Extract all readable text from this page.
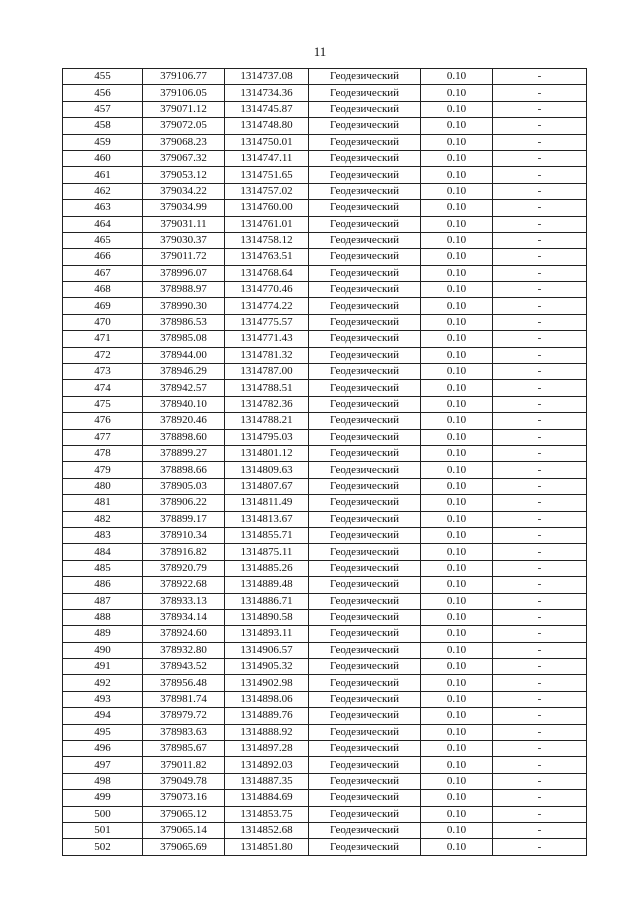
11
455	379106.77	1314737.08	Геодезический	0.10	-
456	379106.05	1314734.36	Геодезический	0.10	-
457	379071.12	1314745.87	Геодезический	0.10	-
458	379072.05	1314748.80	Геодезический	0.10	-
459	379068.23	1314750.01	Геодезический	0.10	-
460	379067.32	1314747.11	Геодезический	0.10	-
461	379053.12	1314751.65	Геодезический	0.10	-
462	379034.22	1314757.02	Геодезический	0.10	-
463	379034.99	1314760.00	Геодезический	0.10	-
464	379031.11	1314761.01	Геодезический	0.10	-
465	379030.37	1314758.12	Геодезический	0.10	-
466	379011.72	1314763.51	Геодезический	0.10	-
467	378996.07	1314768.64	Геодезический	0.10	-
468	378988.97	1314770.46	Геодезический	0.10	-
469	378990.30	1314774.22	Геодезический	0.10	-
470	378986.53	1314775.57	Геодезический	0.10	-
471	378985.08	1314771.43	Геодезический	0.10	-
472	378944.00	1314781.32	Геодезический	0.10	-
473	378946.29	1314787.00	Геодезический	0.10	-
474	378942.57	1314788.51	Геодезический	0.10	-
475	378940.10	1314782.36	Геодезический	0.10	-
476	378920.46	1314788.21	Геодезический	0.10	-
477	378898.60	1314795.03	Геодезический	0.10	-
478	378899.27	1314801.12	Геодезический	0.10	-
479	378898.66	1314809.63	Геодезический	0.10	-
480	378905.03	1314807.67	Геодезический	0.10	-
481	378906.22	1314811.49	Геодезический	0.10	-
482	378899.17	1314813.67	Геодезический	0.10	-
483	378910.34	1314855.71	Геодезический	0.10	-
484	378916.82	1314875.11	Геодезический	0.10	-
485	378920.79	1314885.26	Геодезический	0.10	-
486	378922.68	1314889.48	Геодезический	0.10	-
487	378933.13	1314886.71	Геодезический	0.10	-
488	378934.14	1314890.58	Геодезический	0.10	-
489	378924.60	1314893.11	Геодезический	0.10	-
490	378932.80	1314906.57	Геодезический	0.10	-
491	378943.52	1314905.32	Геодезический	0.10	-
492	378956.48	1314902.98	Геодезический	0.10	-
493	378981.74	1314898.06	Геодезический	0.10	-
494	378979.72	1314889.76	Геодезический	0.10	-
495	378983.63	1314888.92	Геодезический	0.10	-
496	378985.67	1314897.28	Геодезический	0.10	-
497	379011.82	1314892.03	Геодезический	0.10	-
498	379049.78	1314887.35	Геодезический	0.10	-
499	379073.16	1314884.69	Геодезический	0.10	-
500	379065.12	1314853.75	Геодезический	0.10	-
501	379065.14	1314852.68	Геодезический	0.10	-
502	379065.69	1314851.80	Геодезический	0.10	-
